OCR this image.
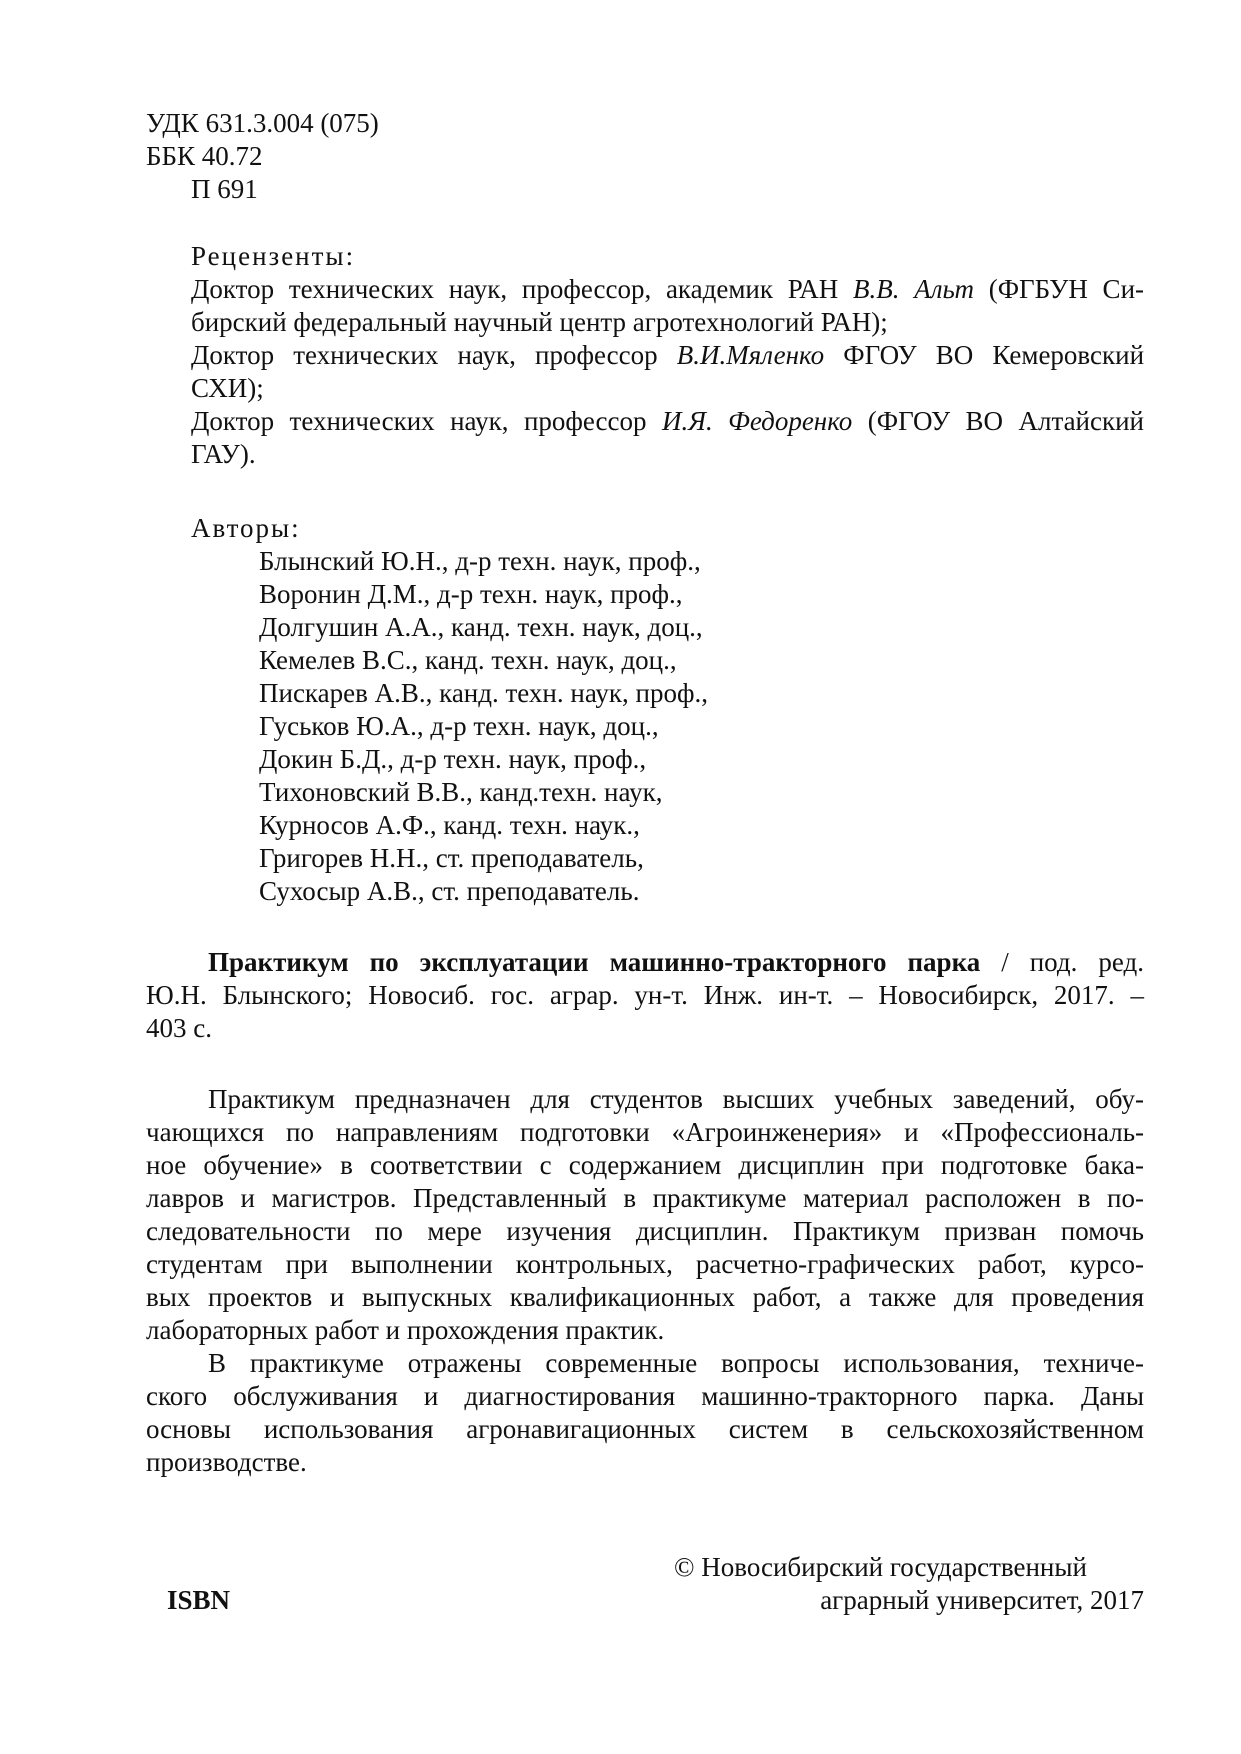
УДК 631.3.004 (075)
ББК 40.72
П 691
Рецензенты:
Доктор технических наук, профессор, академик РАН В.В. Альт (ФГБУН Си-
бирский федеральный научный центр агротехнологий РАН);
Доктор технических наук, профессор В.И.Мяленко ФГОУ ВО Кемеровский
СХИ);
Доктор технических наук, профессор И.Я. Федоренко (ФГОУ ВО Алтайский
ГАУ).
Авторы:
Блынский Ю.Н., д-р техн. наук, проф.,
Воронин Д.М., д-р техн. наук, проф.,
Долгушин А.А., канд. техн. наук, доц.,
Кемелев В.С., канд. техн. наук, доц.,
Пискарев А.В., канд. техн. наук, проф.,
Гуськов Ю.А., д-р техн. наук, доц.,
Докин Б.Д., д-р техн. наук, проф.,
Тихоновский В.В., канд.техн. наук,
Курносов А.Ф., канд. техн. наук.,
Григорев Н.Н., ст. преподаватель,
Сухосыр А.В., ст. преподаватель.
Практикум по эксплуатации машинно-тракторного парка / под. ред.
Ю.Н. Блынского; Новосиб. гос. аграр. ун-т. Инж. ин-т. – Новосибирск, 2017. –
403 с.
Практикум предназначен для студентов высших учебных заведений, обу-
чающихся по направлениям подготовки «Агроинженерия» и «Профессиональ-
ное обучение» в соответствии с содержанием дисциплин при подготовке бака-
лавров и магистров. Представленный в практикуме материал расположен в по-
следовательности по мере изучения дисциплин. Практикум призван помочь
студентам при выполнении контрольных, расчетно-графических работ, курсо-
вых проектов и выпускных квалификационных работ, а также для проведения
лабораторных работ и прохождения практик.
В практикуме отражены современные вопросы использования, техниче-
ского обслуживания и диагностирования машинно-тракторного парка. Даны
основы использования агронавигационных систем в сельскохозяйственном
производстве.
© Новосибирский государственный
ISBN	аграрный университет, 2017
